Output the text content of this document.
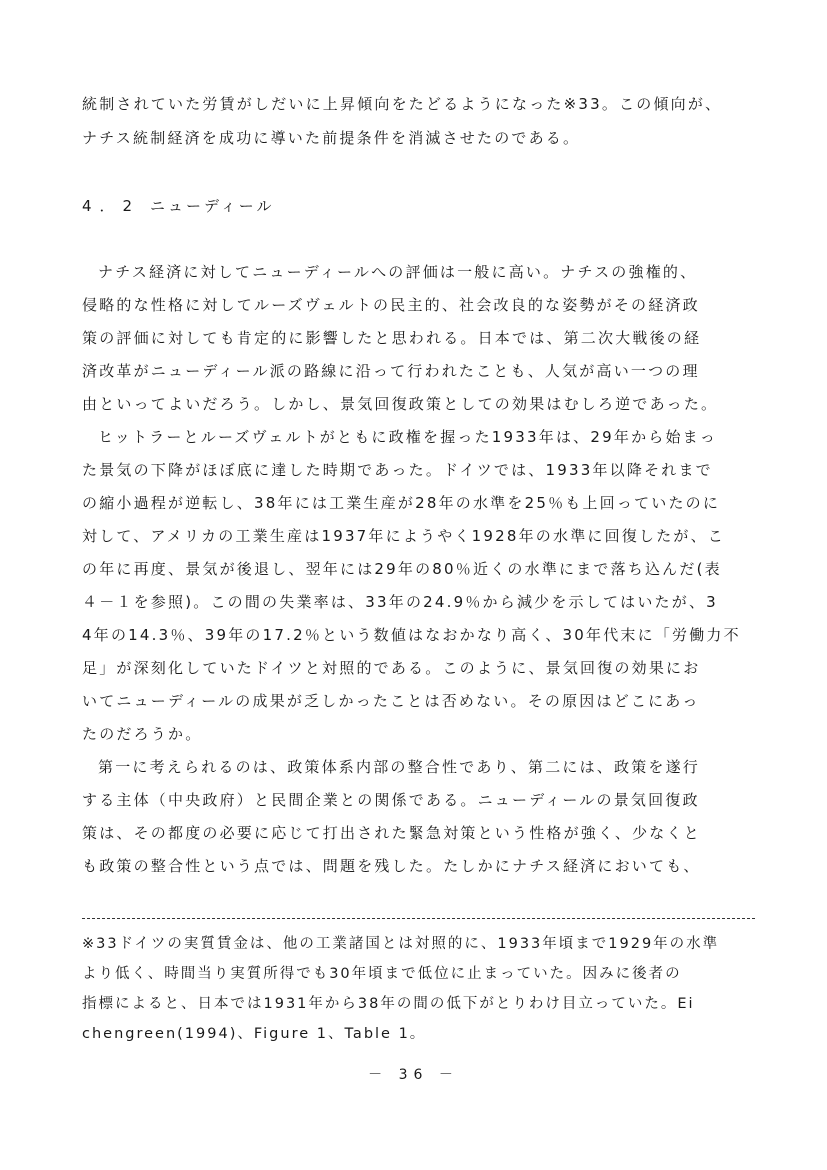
統制されていた労賃がしだいに上昇傾向をたどるようになった※33。この傾向が、
ナチス統制経済を成功に導いた前提条件を消滅させたのである。
4．2 ニューディール
ナチス経済に対してニューディールへの評価は一般に高い。ナチスの強権的、
侵略的な性格に対してルーズヴェルトの民主的、社会改良的な姿勢がその経済政
策の評価に対しても肯定的に影響したと思われる。日本では、第二次大戦後の経
済改革がニューディール派の路線に沿って行われたことも、人気が高い一つの理
由といってよいだろう。しかし、景気回復政策としての効果はむしろ逆であった。
ヒットラーとルーズヴェルトがともに政権を握った1933年は、29年から始まっ
た景気の下降がほぼ底に達した時期であった。ドイツでは、1933年以降それまで
の縮小過程が逆転し、38年には工業生産が28年の水準を25％も上回っていたのに
対して、アメリカの工業生産は1937年にようやく1928年の水準に回復したが、こ
の年に再度、景気が後退し、翌年には29年の80％近くの水準にまで落ち込んだ(表
４－１を参照)。この間の失業率は、33年の24.9％から減少を示してはいたが、3
4年の14.3％、39年の17.2％という数値はなおかなり高く、30年代末に「労働力不
足」が深刻化していたドイツと対照的である。このように、景気回復の効果にお
いてニューディールの成果が乏しかったことは否めない。その原因はどこにあっ
たのだろうか。
第一に考えられるのは、政策体系内部の整合性であり、第二には、政策を遂行
する主体（中央政府）と民間企業との関係である。ニューディールの景気回復政
策は、その都度の必要に応じて打出された緊急対策という性格が強く、少なくと
も政策の整合性という点では、問題を残した。たしかにナチス経済においても、
※33ドイツの実質賃金は、他の工業諸国とは対照的に、1933年頃まで1929年の水準
より低く、時間当り実質所得でも30年頃まで低位に止まっていた。因みに後者の
指標によると、日本では1931年から38年の間の低下がとりわけ目立っていた。Ei
chengreen(1994)、Figure 1、Table 1。
－ 36 －
